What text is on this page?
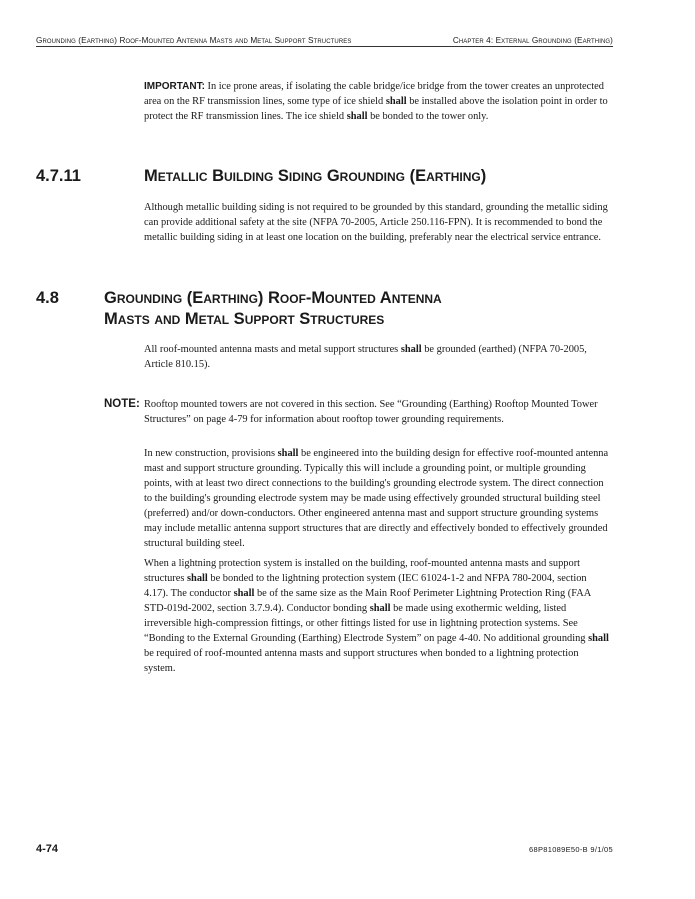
Grounding (Earthing) Roof-Mounted Antenna Masts and Metal Support Structures	Chapter 4: External Grounding (Earthing)

IMPORTANT: In ice prone areas, if isolating the cable bridge/ice bridge from the tower creates an unprotected area on the RF transmission lines, some type of ice shield shall be installed above the isolation point in order to protect the RF transmission lines. The ice shield shall be bonded to the tower only.

4.7.11	Metallic Building Siding Grounding (Earthing)

Although metallic building siding is not required to be grounded by this standard, grounding the metallic siding can provide additional safety at the site (NFPA 70-2005, Article 250.116-FPN). It is recommended to bond the metallic building siding in at least one location on the building, preferably near the electrical service entrance.

4.8	Grounding (Earthing) Roof-Mounted Antenna
Masts and Metal Support Structures

All roof-mounted antenna masts and metal support structures shall be grounded (earthed) (NFPA 70-2005, Article 810.15).

NOTE: Rooftop mounted towers are not covered in this section. See “Grounding (Earthing) Rooftop Mounted Tower Structures” on page 4-79 for information about rooftop tower grounding requirements.

In new construction, provisions shall be engineered into the building design for effective roof-mounted antenna mast and support structure grounding. Typically this will include a grounding point, or multiple grounding points, with at least two direct connections to the building's grounding electrode system. The direct connection to the building's grounding electrode system may be made using effectively grounded structural building steel (preferred) and/or down-conductors. Other engineered antenna mast and support structure grounding systems may include metallic antenna support structures that are directly and effectively bonded to effectively grounded structural building steel.

When a lightning protection system is installed on the building, roof-mounted antenna masts and support structures shall be bonded to the lightning protection system (IEC 61024-1-2 and NFPA 780-2004, section 4.17). The conductor shall be of the same size as the Main Roof Perimeter Lightning Protection Ring (FAA STD-019d-2002, section 3.7.9.4). Conductor bonding shall be made using exothermic welding, listed irreversible high-compression fittings, or other fittings listed for use in lightning protection systems. See “Bonding to the External Grounding (Earthing) Electrode System” on page 4-40. No additional grounding shall be required of roof-mounted antenna masts and support structures when bonded to a lightning protection system.

4-74	68P81089E50-B 9/1/05
